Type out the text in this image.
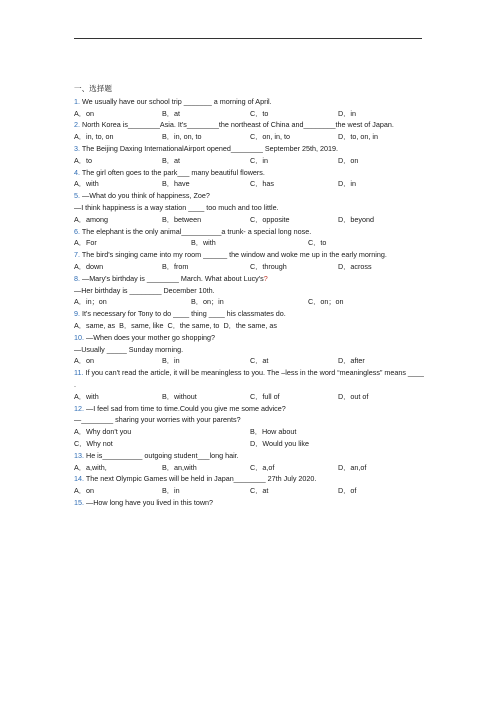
一、选择题
1. We usually have our school trip _______ a morning of April.
A．on	B．at	C．to	D．in
2. North Korea is________Asia. It's________the northeast of China and________the west of Japan.
A．in, to, on	B．in, on, to	C．on, in, to	D．to, on, in
3. The Beijing Daxing InternationalAirport opened________ September 25th, 2019.
A．to	B．at	C．in	D．on
4. The girl often goes to the park___ many beautiful flowers.
A．with	B．have	C．has	D．in
5. —What do you think of happiness, Zoe?
—I think happiness is a way station ____ too much and too little.
A．among	B．between	C．opposite	D．beyond
6. The elephant is the only animal__________a trunk- a special long nose.
A．For	B．with	C．to
7. The bird's singing came into my room ______ the window and woke me up in the early morning.
A．down	B．from	C．through	D．across
8. —Mary's birthday is ________ March. What about Lucy's?
—Her birthday is ________ December 10th.
A．in；on	B．on；in	C．on；on
9. It's necessary for Tony to do ____ thing ____ his classmates do.
A．same, as B．same, like C．the same, to D．the same, as
10. —When does your mother go shopping?
—Usually _____ Sunday morning.
A．on	B．in	C．at	D．after
11. If you can't read the article, it will be meaningless to you. The –less in the word “meaningless” means ____ .
A．with	B．without	C．full of	D．out of
12. —I feel sad from time to time.Could you give me some advice?
—________ sharing your worries with your parents?
A．Why don't you	B．How about
C．Why not	D．Would you like
13. He is__________ outgoing student___long hair.
A．a,with,	B．an,with	C．a,of	D．an,of
14. The next Olympic Games will be held in Japan________ 27th July 2020.
A．on	B．in	C．at	D．of
15. —How long have you lived in this town?
